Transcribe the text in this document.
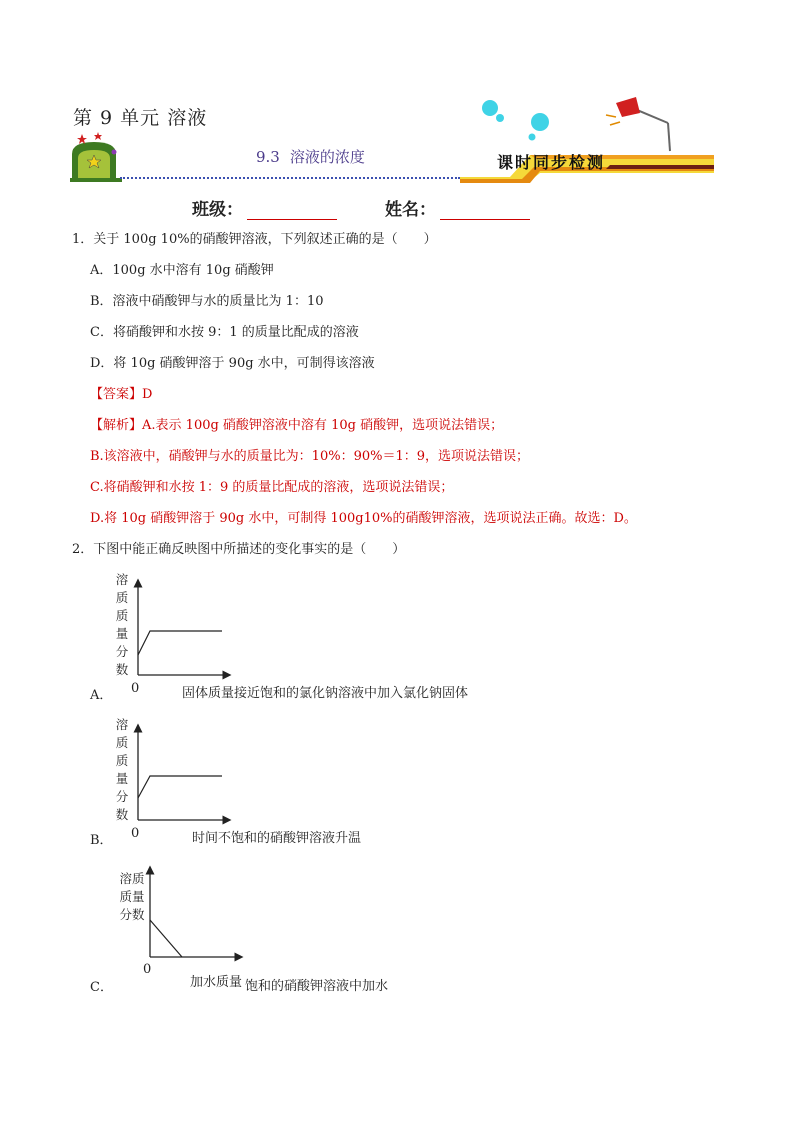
第 9 单元 溶液
9.3 溶液的浓度	课时同步检测
班级：	姓名：
1．关于 100g 10%的硝酸钾溶液，下列叙述正确的是（　　）
A．100g 水中溶有 10g 硝酸钾
B．溶液中硝酸钾与水的质量比为 1：10
C．将硝酸钾和水按 9：1 的质量比配成的溶液
D．将 10g 硝酸钾溶于 90g 水中，可制得该溶液
【答案】D
【解析】A.表示 100g 硝酸钾溶液中溶有 10g 硝酸钾，选项说法错误；
B.该溶液中，硝酸钾与水的质量比为：10%：90%＝1：9，选项说法错误；
C.将硝酸钾和水按 1：9 的质量比配成的溶液，选项说法错误；
D.将 10g 硝酸钾溶于 90g 水中，可制得 100g10%的硝酸钾溶液，选项说法正确。故选：D。
2．下图中能正确反映图中所描述的变化事实的是（　　）
溶
质
质
量
分
数
A． 0	固体质量接近饱和的氯化钠溶液中加入氯化钠固体
溶
质
质
量
分
数
B． 0	时间不饱和的硝酸钾溶液升温
溶质
质量
分数
C．
0
加水质量 饱和的硝酸钾溶液中加水
